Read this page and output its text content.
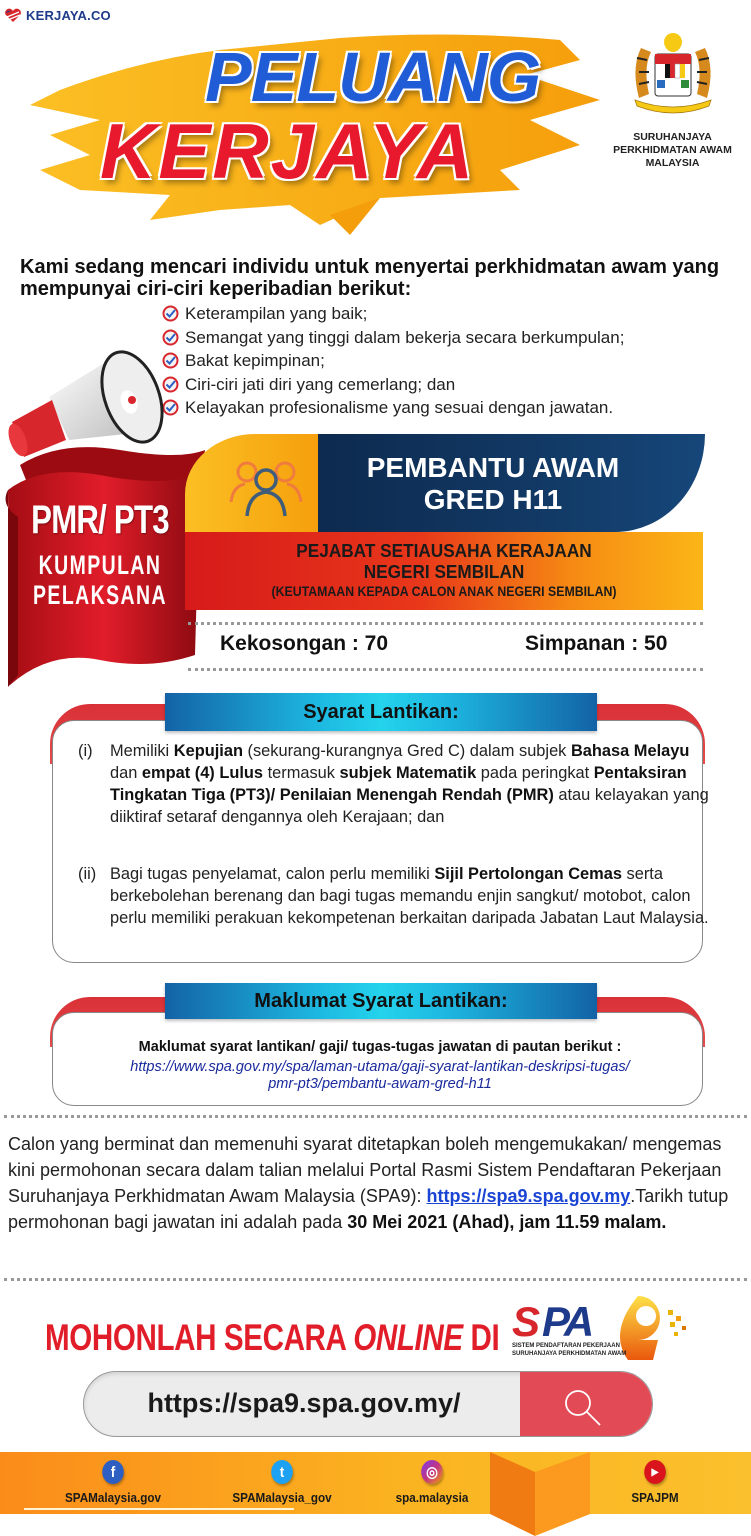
KERJAYA.CO
PELUANG
KERJAYA	SURUHANJAYA
PERKHIDMATAN AWAM
MALAYSIA
Kami sedang mencari individu untuk menyertai perkhidmatan awam yang mempunyai ciri-ciri keperibadian berikut:
Keterampilan yang baik;
Semangat yang tinggi dalam bekerja secara berkumpulan;
Bakat kepimpinan;
Ciri-ciri jati diri yang cemerlang; dan
Kelayakan profesionalisme yang sesuai dengan jawatan.
PMR/ PT3
KUMPULAN
PELAKSANA
PEMBANTU AWAM
GRED H11
PEJABAT SETIAUSAHA KERAJAAN
NEGERI SEMBILAN
(KEUTAMAAN KEPADA CALON ANAK NEGERI SEMBILAN)
Kekosongan : 70	Simpanan : 50
Syarat Lantikan:
(i) Memiliki Kepujian (sekurang-kurangnya Gred C) dalam subjek Bahasa Melayu dan empat (4) Lulus termasuk subjek Matematik pada peringkat Pentaksiran Tingkatan Tiga (PT3)/ Penilaian Menengah Rendah (PMR) atau kelayakan yang diiktiraf setaraf dengannya oleh Kerajaan; dan
(ii) Bagi tugas penyelamat, calon perlu memiliki Sijil Pertolongan Cemas serta berkebolehan berenang dan bagi tugas memandu enjin sangkut/ motobot, calon perlu memiliki perakuan kekompetenan berkaitan daripada Jabatan Laut Malaysia.
Maklumat Syarat Lantikan:
Maklumat syarat lantikan/ gaji/ tugas-tugas jawatan di pautan berikut :
https://www.spa.gov.my/spa/laman-utama/gaji-syarat-lantikan-deskripsi-tugas/
pmr-pt3/pembantu-awam-gred-h11
Calon yang berminat dan memenuhi syarat ditetapkan boleh mengemukakan/ mengemas kini permohonan secara dalam talian melalui Portal Rasmi Sistem Pendaftaran Pekerjaan Suruhanjaya Perkhidmatan Awam Malaysia (SPA9): https://spa9.spa.gov.my.Tarikh tutup permohonan bagi jawatan ini adalah pada 30 Mei 2021 (Ahad), jam 11.59 malam.
MOHONLAH SECARA ONLINE DI S PA
SISTEM PENDAFTARAN PEKERJAAN
SURUHANJAYA PERKHIDMATAN AWAM
https://spa9.spa.gov.my/
f
SPAMalaysia.gov
t
SPAMalaysia_gov
◎
spa.malaysia
▶
SPAJPM
